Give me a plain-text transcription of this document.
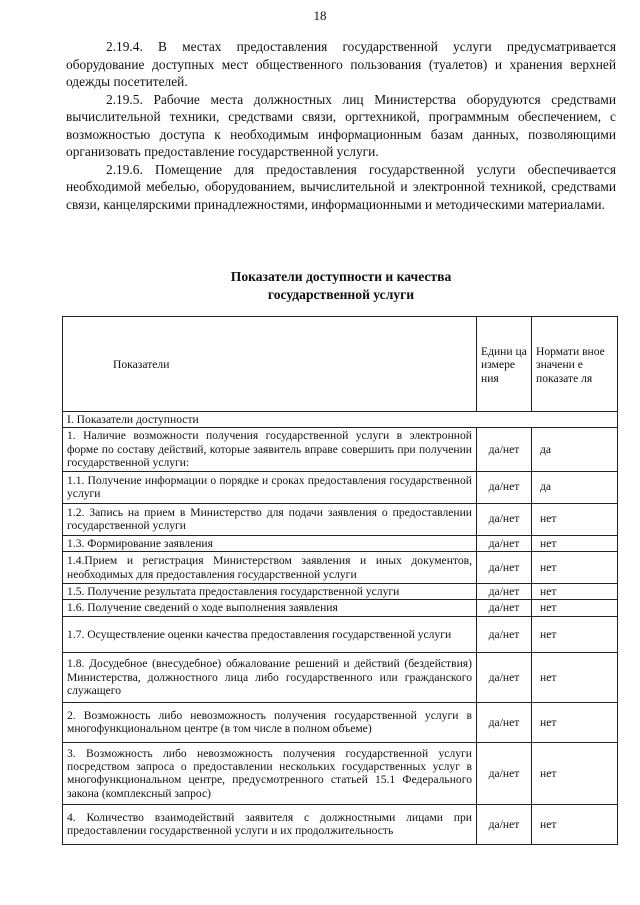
18

2.19.4. В местах предоставления государственной услуги предусматривается оборудование доступных мест общественного пользования (туалетов) и хранения верхней одежды посетителей.

2.19.5. Рабочие места должностных лиц Министерства оборудуются средствами вычислительной техники, средствами связи, оргтехникой, программным обеспечением, с возможностью доступа к необходимым информационным базам данных, позволяющими организовать предоставление государственной услуги.

2.19.6. Помещение для предоставления государственной услуги обеспечивается необходимой мебелью, оборудованием, вычислительной и электронной техникой, средствами связи, канцелярскими принадлежностями, информационными и методическими материалами.

Показатели доступности и качества
государственной услуги
Показатели	Едини ца измере ния	Нормати вное значени е показате ля
I. Показатели доступности		
1. Наличие возможности получения государственной услуги в электронной форме по составу действий, которые заявитель вправе совершить при получении государственной услуги:	да/нет	да
1.1. Получение информации о порядке и сроках предоставления государственной услуги	да/нет	да
1.2. Запись на прием в Министерство для подачи заявления о предоставлении государственной услуги	да/нет	нет
1.3. Формирование заявления	да/нет	нет
1.4.Прием и регистрация Министерством заявления и иных документов, необходимых для предоставления государственной услуги	да/нет	нет
1.5. Получение результата предоставления государственной услуги	да/нет	нет
1.6. Получение сведений о ходе выполнения заявления	да/нет	нет
1.7. Осуществление оценки качества предоставления государственной услуги	да/нет	нет
1.8. Досудебное (внесудебное) обжалование решений и действий (бездействия) Министерства, должностного лица либо государственного или гражданского служащего	да/нет	нет
2. Возможность либо невозможность получения государственной услуги в многофункциональном центре (в том числе в полном объеме)	да/нет	нет
3. Возможность либо невозможность получения государственной услуги посредством запроса о предоставлении нескольких государственных услуг в многофункциональном центре, предусмотренного статьей 15.1 Федерального закона (комплексный запрос)	да/нет	нет
4. Количество взаимодействий заявителя с должностными лицами при предоставлении государственной услуги и их продолжительность	да/нет	нет
